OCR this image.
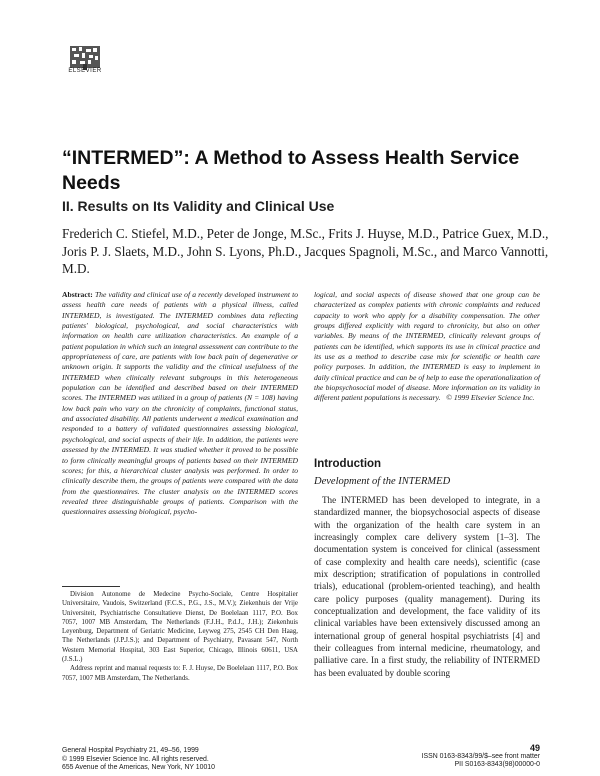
ELSEVIER
“INTERMED”: A Method to Assess Health Service Needs
II. Results on Its Validity and Clinical Use
Frederich C. Stiefel, M.D., Peter de Jonge, M.Sc., Frits J. Huyse, M.D., Patrice Guex, M.D., Joris P. J. Slaets, M.D., John S. Lyons, Ph.D., Jacques Spagnoli, M.Sc., and Marco Vannotti, M.D.
Abstract: The validity and clinical use of a recently developed instrument to assess health care needs of patients with a physical illness, called INTERMED, is investigated. The INTERMED combines data reflecting patients' biological, psychological, and social characteristics with information on health care utilization characteristics. An example of a patient population in which such an integral assessment can contribute to the appropriateness of care, are patients with low back pain of degenerative or unknown origin. It supports the validity and the clinical usefulness of the INTERMED when clinically relevant subgroups in this heterogeneous population can be identified and described based on their INTERMED scores. The INTERMED was utilized in a group of patients (N = 108) having low back pain who vary on the chronicity of complaints, functional status, and associated disability. All patients underwent a medical examination and responded to a battery of validated questionnaires assessing biological, psychological, and social aspects of their life. In addition, the patients were assessed by the INTERMED. It was studied whether it proved to be possible to form clinically meaningful groups of patients based on their INTERMED scores; for this, a hierarchical cluster analysis was performed. In order to clinically describe them, the groups of patients were compared with the data from the questionnaires. The cluster analysis on the INTERMED scores revealed three distinguishable groups of patients. Comparison with the questionnaires assessing biological, psycho-
logical, and social aspects of disease showed that one group can be characterized as complex patients with chronic complaints and reduced capacity to work who apply for a disability compensation. The other groups differed explicitly with regard to chronicity, but also on other variables. By means of the INTERMED, clinically relevant groups of patients can be identified, which supports its use in clinical practice and its use as a method to describe case mix for scientific or health care policy purposes. In addition, the INTERMED is easy to implement in daily clinical practice and can be of help to ease the operationalization of the biopsychosocial model of disease. More information on its validity in different patient populations is necessary.   © 1999 Elsevier Science Inc.

Division Autonome de Medecine Psycho-Sociale, Centre Hospitalier Universitaire, Vaudois, Switzerland (F.C.S., P.G., J.S., M.V.); Ziekenhuis der Vrije Universiteit, Psychiatrische Consultatieve Dienst, De Boelelaan 1117, P.O. Box 7057, 1007 MB Amsterdam, The Netherlands (F.J.H., P.d.J., J.H.); Ziekenhuis Leyenburg, Department of Geriatric Medicine, Leyweg 275, 2545 CH Den Haag, The Netherlands (J.P.J.S.); and Department of Psychiatry, Pavasant 547, North Western Memorial Hospital, 303 East Superior, Chicago, Illinois 60611, USA (J.S.L.)

Address reprint and manual requests to: F. J. Huyse, De Boelelaan 1117, P.O. Box 7057, 1007 MB Amsterdam, The Netherlands.

Introduction
Development of the INTERMED

The INTERMED has been developed to integrate, in a standardized manner, the biopsychosocial aspects of disease with the organization of the health care system in an increasingly complex care delivery system [1–3]. The documentation system is conceived for clinical (assessment of case complexity and health care needs), scientific (case mix description; stratification of populations in controlled trials), educational (problem-oriented teaching), and health care policy purposes (quality management). During its conceptualization and development, the face validity of its clinical variables have been extensively discussed among an international group of general hospital psychiatrists [4] and their colleagues from internal medicine, rheumatology, and palliative care. In a first study, the reliability of INTERMED has been evaluated by double scoring

General Hospital Psychiatry 21, 49–56, 1999
© 1999 Elsevier Science Inc. All rights reserved.
655 Avenue of the Americas, New York, NY 10010
49
ISSN 0163-8343/99/$–see front matter
PII S0163-8343(98)00000-0
